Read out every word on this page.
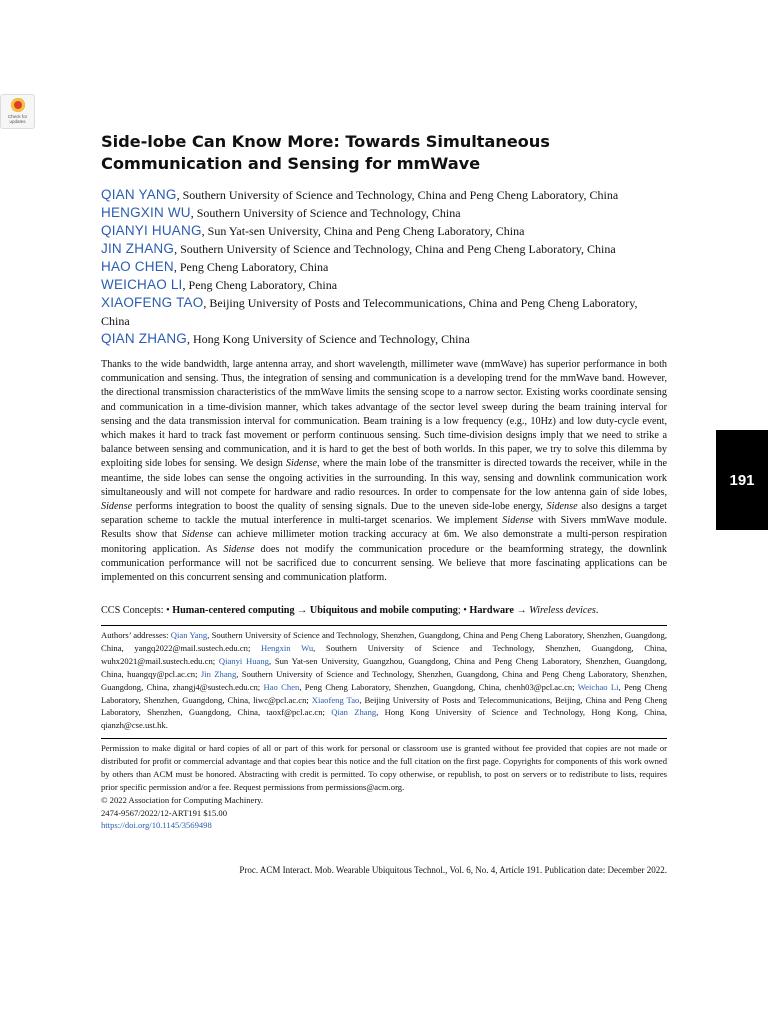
Check for updates
191
Side-lobe Can Know More: Towards Simultaneous Communication and Sensing for mmWave

QIAN YANG, Southern University of Science and Technology, China and Peng Cheng Laboratory, China

HENGXIN WU, Southern University of Science and Technology, China

QIANYI HUANG, Sun Yat-sen University, China and Peng Cheng Laboratory, China

JIN ZHANG, Southern University of Science and Technology, China and Peng Cheng Laboratory, China

HAO CHEN, Peng Cheng Laboratory, China

WEICHAO LI, Peng Cheng Laboratory, China

XIAOFENG TAO, Beijing University of Posts and Telecommunications, China and Peng Cheng Laboratory, China

QIAN ZHANG, Hong Kong University of Science and Technology, China

Thanks to the wide bandwidth, large antenna array, and short wavelength, millimeter wave (mmWave) has superior performance in both communication and sensing. Thus, the integration of sensing and communication is a developing trend for the mmWave band. However, the directional transmission characteristics of the mmWave limits the sensing scope to a narrow sector. Existing works coordinate sensing and communication in a time-division manner, which takes advantage of the sector level sweep during the beam training interval for sensing and the data transmission interval for communication. Beam training is a low frequency (e.g., 10Hz) and low duty-cycle event, which makes it hard to track fast movement or perform continuous sensing. Such time-division designs imply that we need to strike a balance between sensing and communication, and it is hard to get the best of both worlds. In this paper, we try to solve this dilemma by exploiting side lobes for sensing. We design Sidense, where the main lobe of the transmitter is directed towards the receiver, while in the meantime, the side lobes can sense the ongoing activities in the surrounding. In this way, sensing and downlink communication work simultaneously and will not compete for hardware and radio resources. In order to compensate for the low antenna gain of side lobes, Sidense performs integration to boost the quality of sensing signals. Due to the uneven side-lobe energy, Sidense also designs a target separation scheme to tackle the mutual interference in multi-target scenarios. We implement Sidense with Sivers mmWave module. Results show that Sidense can achieve millimeter motion tracking accuracy at 6m. We also demonstrate a multi-person respiration monitoring application. As Sidense does not modify the communication procedure or the beamforming strategy, the downlink communication performance will not be sacrificed due to concurrent sensing. We believe that more fascinating applications can be implemented on this concurrent sensing and communication platform.

CCS Concepts: • Human-centered computing → Ubiquitous and mobile computing; • Hardware → Wireless devices.

Authors’ addresses: Qian Yang, Southern University of Science and Technology, Shenzhen, Guangdong, China and Peng Cheng Laboratory, Shenzhen, Guangdong, China, yangq2022@mail.sustech.edu.cn; Hengxin Wu, Southern University of Science and Technology, Shenzhen, Guangdong, China, wuhx2021@mail.sustech.edu.cn; Qianyi Huang, Sun Yat-sen University, Guangzhou, Guangdong, China and Peng Cheng Laboratory, Shenzhen, Guangdong, China, huangqy@pcl.ac.cn; Jin Zhang, Southern University of Science and Technology, Shenzhen, Guangdong, China and Peng Cheng Laboratory, Shenzhen, Guangdong, China, zhangj4@sustech.edu.cn; Hao Chen, Peng Cheng Laboratory, Shenzhen, Guangdong, China, chenh03@pcl.ac.cn; Weichao Li, Peng Cheng Laboratory, Shenzhen, Guangdong, China, liwc@pcl.ac.cn; Xiaofeng Tao, Beijing University of Posts and Telecommunications, Beijing, China and Peng Cheng Laboratory, Shenzhen, Guangdong, China, taoxf@pcl.ac.cn; Qian Zhang, Hong Kong University of Science and Technology, Hong Kong, China, qianzh@cse.ust.hk.

Permission to make digital or hard copies of all or part of this work for personal or classroom use is granted without fee provided that copies are not made or distributed for profit or commercial advantage and that copies bear this notice and the full citation on the first page. Copyrights for components of this work owned by others than ACM must be honored. Abstracting with credit is permitted. To copy otherwise, or republish, to post on servers or to redistribute to lists, requires prior specific permission and/or a fee. Request permissions from permissions@acm.org.

© 2022 Association for Computing Machinery.

2474-9567/2022/12-ART191 $15.00

https://doi.org/10.1145/3569498

Proc. ACM Interact. Mob. Wearable Ubiquitous Technol., Vol. 6, No. 4, Article 191. Publication date: December 2022.
